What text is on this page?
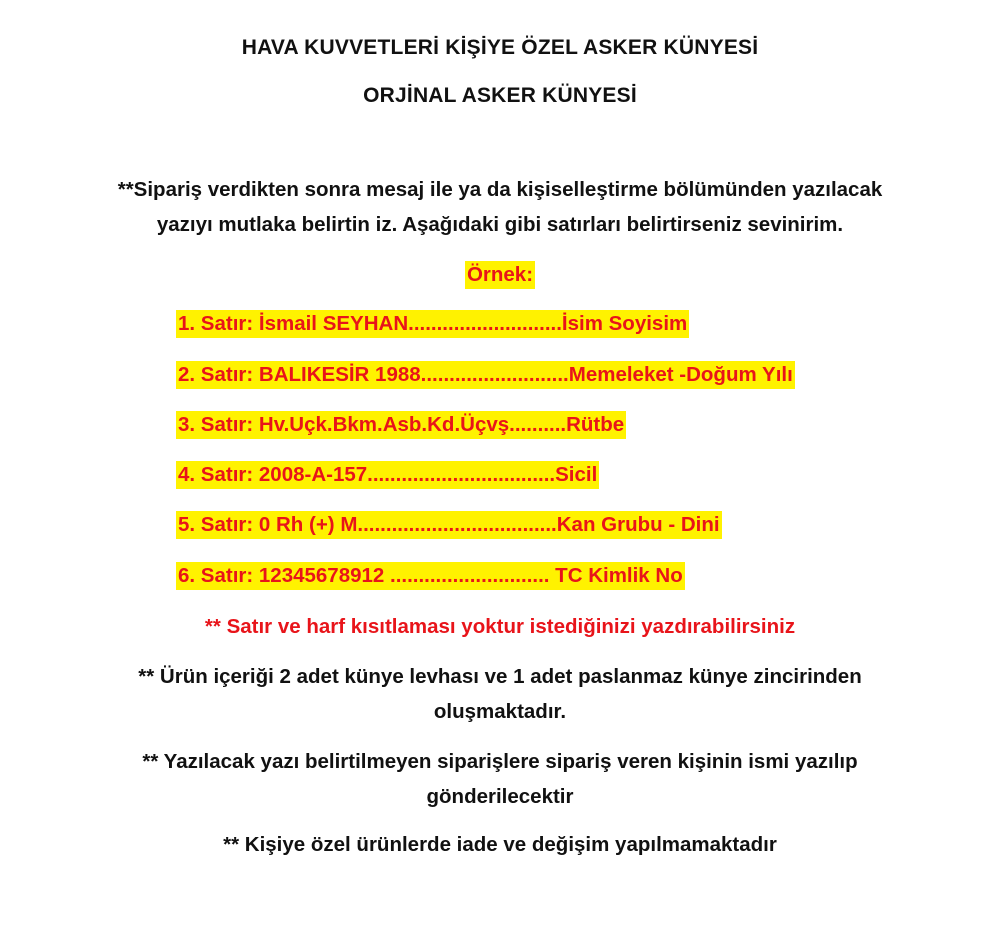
HAVA KUVVETLERİ KİŞİYE ÖZEL ASKER KÜNYESİ

ORJİNAL ASKER KÜNYESİ

**Sipariş verdikten sonra mesaj ile ya da kişiselleştirme bölümünden yazılacak

yazıyı mutlaka belirtin iz. Aşağıdaki gibi satırları belirtirseniz sevinirim.

Örnek:

1. Satır: İsmail SEYHAN...........................İsim Soyisim

2. Satır: BALIKESİR 1988..........................Memeleket -Doğum Yılı

3. Satır: Hv.Uçk.Bkm.Asb.Kd.Üçvş..........Rütbe

4. Satır: 2008-A-157.................................Sicil

5. Satır: 0 Rh (+) M...................................Kan Grubu - Dini

6. Satır: 12345678912 ............................ TC Kimlik No

** Satır ve harf kısıtlaması yoktur istediğinizi yazdırabilirsiniz

** Ürün içeriği 2 adet künye levhası ve 1 adet paslanmaz künye zincirinden

oluşmaktadır.

** Yazılacak yazı belirtilmeyen siparişlere sipariş veren kişinin ismi yazılıp

gönderilecektir

** Kişiye özel ürünlerde iade ve değişim yapılmamaktadır
